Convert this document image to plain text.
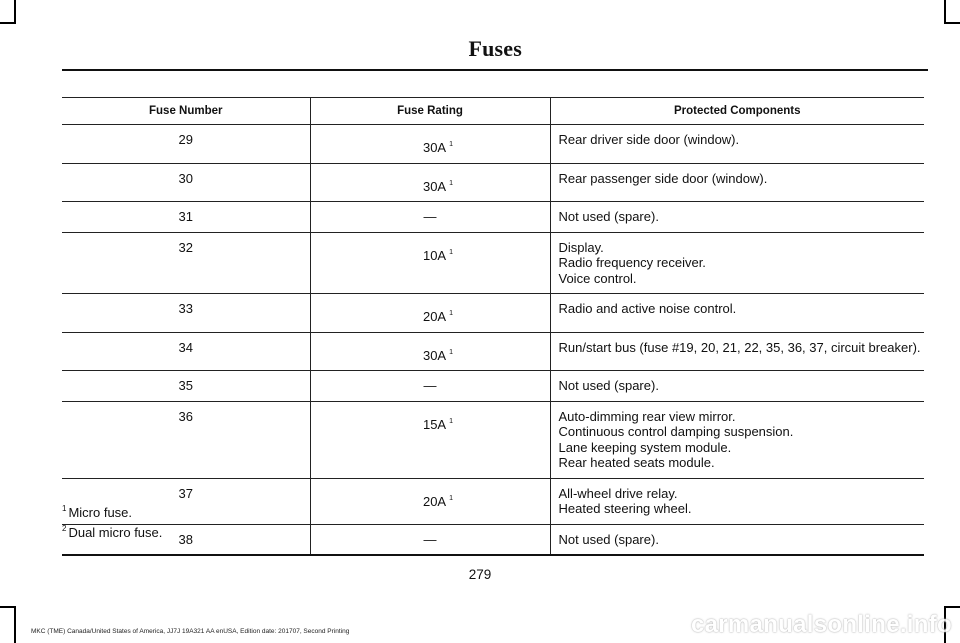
Fuses
Fuse Number	Fuse Rating	Protected Components
29	30A $^1$	Rear driver side door (window).

30	30A $^1$	Rear passenger side door (window).

31	—	Not used (spare).

32	10A $^1$	Display.
Radio frequency receiver.
Voice control.

33	20A $^1$	Radio and active noise control.

34	30A $^1$	Run/start bus (fuse #19, 20, 21, 22, 35, 36, 37, circuit breaker).

35	—	Not used (spare).

36	15A $^1$	Auto-dimming rear view mirror.
Continuous control damping suspension.
Lane keeping system module.
Rear heated seats module.

37	20A $^1$	All-wheel drive relay.
Heated steering wheel.

38	—	Not used (spare).
$^1$ Micro fuse.
$^2$ Dual micro fuse.
279
MKC (TME) Canada/United States of America, JJ7J 19A321 AA enUSA, Edition date: 201707, Second Printing	carmanualsonline.info
